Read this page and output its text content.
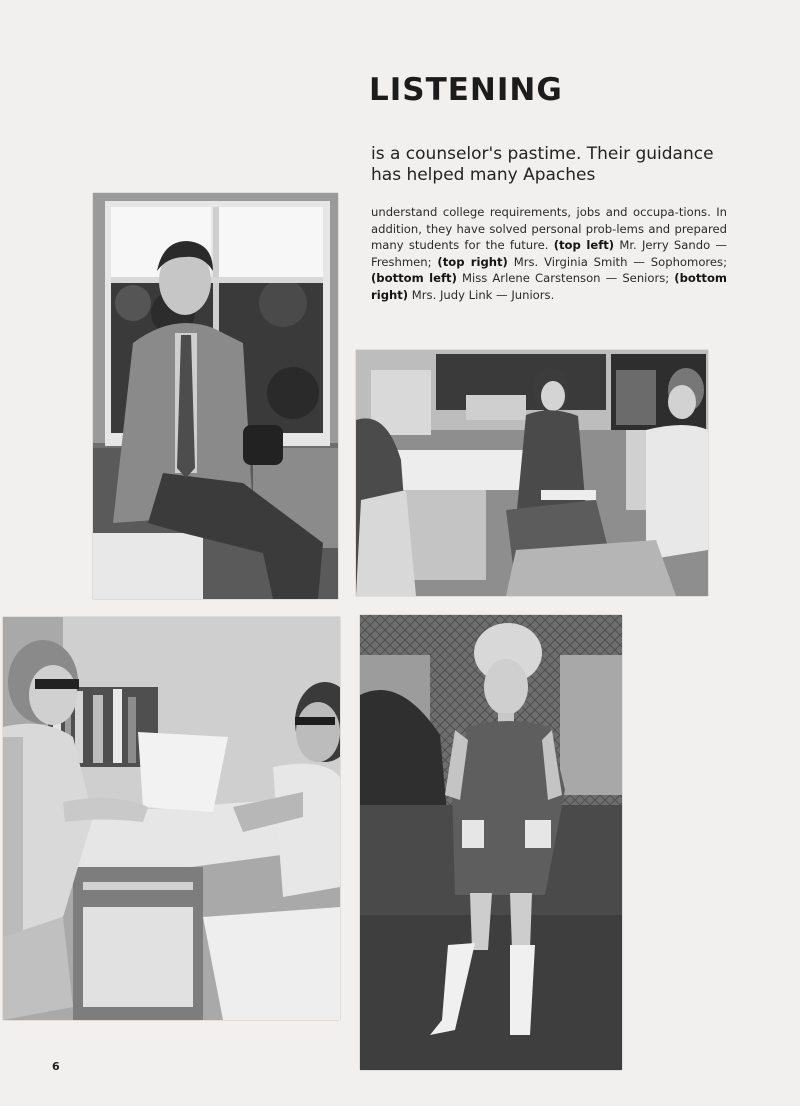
LISTENING

is a counselor's pastime. Their guidance has helped many Apaches

understand college requirements, jobs and occupa-tions. In addition, they have solved personal prob-lems and prepared many students for the future. (top left) Mr. Jerry Sando — Freshmen; (top right) Mrs. Virginia Smith — Sophomores; (bottom left) Miss Arlene Carstenson — Seniors; (bottom right) Mrs. Judy Link — Juniors.

6
